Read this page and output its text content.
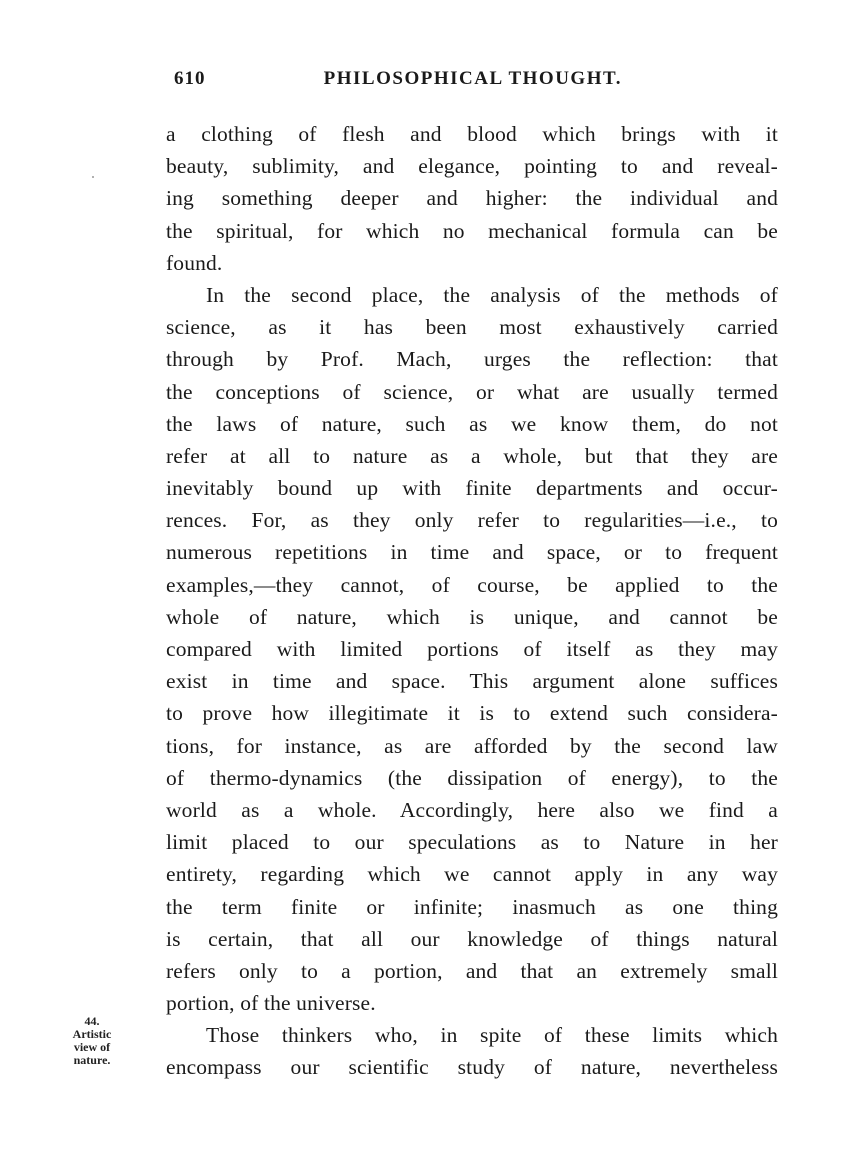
610	PHILOSOPHICAL THOUGHT.
a clothing of flesh and blood which brings with it
beauty, sublimity, and elegance, pointing to and reveal-
ing something deeper and higher: the individual and
the spiritual, for which no mechanical formula can be
found.
In the second place, the analysis of the methods of
science, as it has been most exhaustively carried
through by Prof. Mach, urges the reflection: that
the conceptions of science, or what are usually termed
the laws of nature, such as we know them, do not
refer at all to nature as a whole, but that they are
inevitably bound up with finite departments and occur-
rences. For, as they only refer to regularities—i.e., to
numerous repetitions in time and space, or to frequent
examples,—they cannot, of course, be applied to the
whole of nature, which is unique, and cannot be
compared with limited portions of itself as they may
exist in time and space. This argument alone suffices
to prove how illegitimate it is to extend such considera-
tions, for instance, as are afforded by the second law
of thermo-dynamics (the dissipation of energy), to the
world as a whole. Accordingly, here also we find a
limit placed to our speculations as to Nature in her
entirety, regarding which we cannot apply in any way
the term finite or infinite; inasmuch as one thing
is certain, that all our knowledge of things natural
refers only to a portion, and that an extremely small
portion, of the universe.
Those thinkers who, in spite of these limits which
encompass our scientific study of nature, nevertheless
44.
Artistic
view of
nature.
